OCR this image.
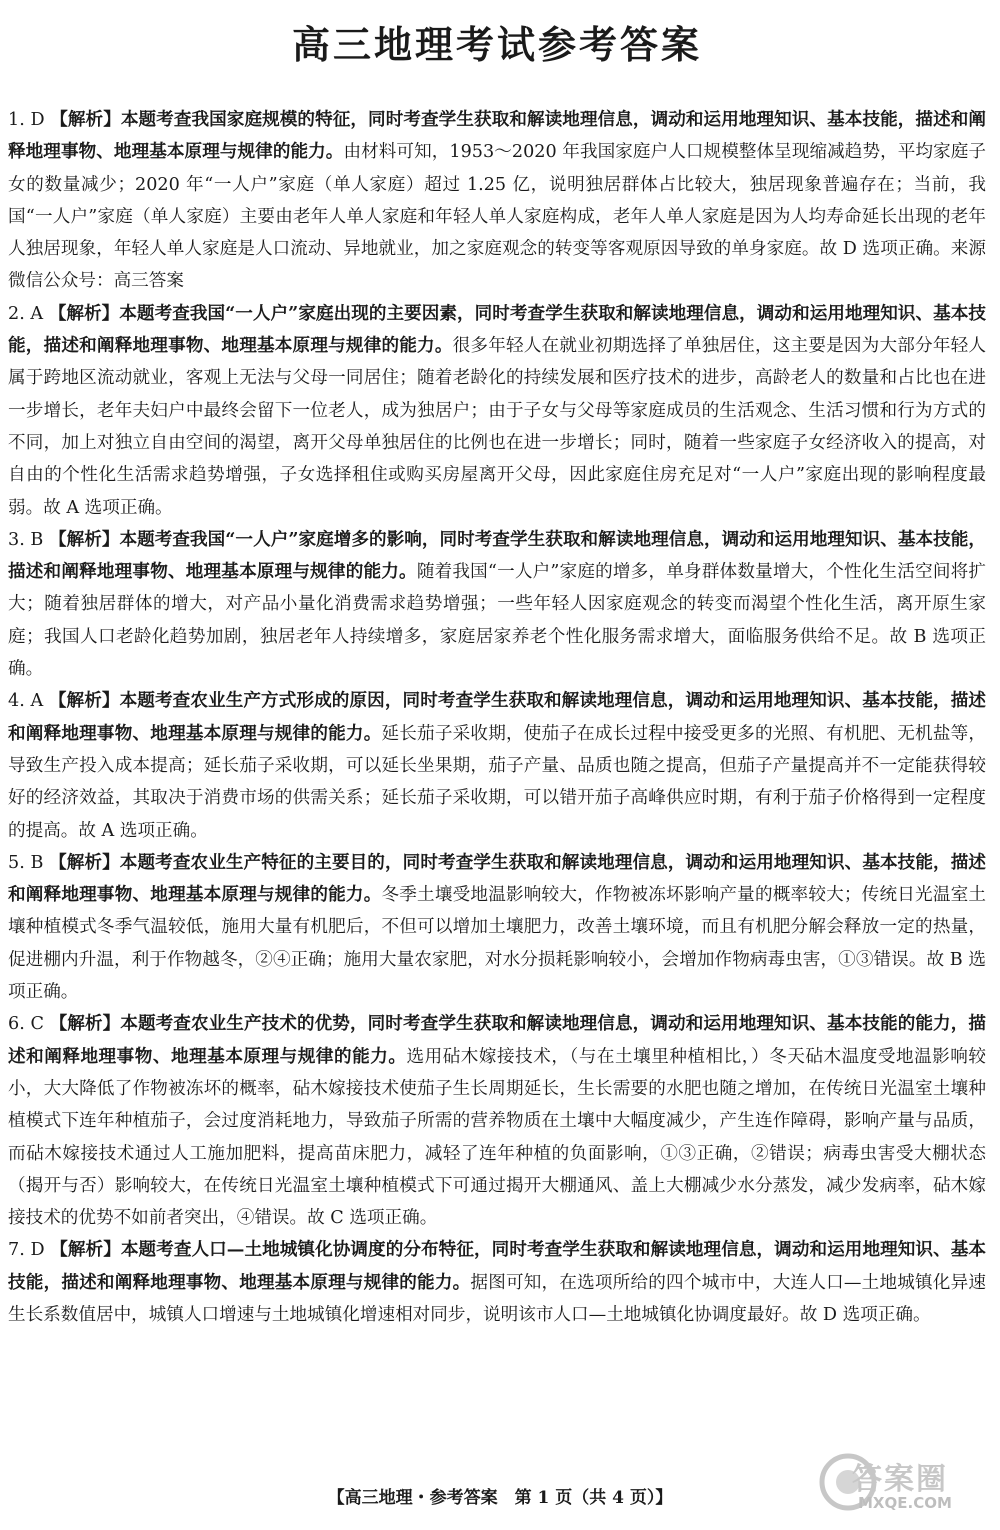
高三地理考试参考答案

1. D 【解析】本题考查我国家庭规模的特征，同时考查学生获取和解读地理信息，调动和运用地理知识、基本技能，描述和阐释地理事物、地理基本原理与规律的能力。由材料可知，1953～2020 年我国家庭户人口规模整体呈现缩减趋势，平均家庭子女的数量减少；2020 年“一人户”家庭（单人家庭）超过 1.25 亿，说明独居群体占比较大，独居现象普遍存在；当前，我国“一人户”家庭（单人家庭）主要由老年人单人家庭和年轻人单人家庭构成，老年人单人家庭是因为人均寿命延长出现的老年人独居现象，年轻人单人家庭是人口流动、异地就业，加之家庭观念的转变等客观原因导致的单身家庭。故 D 选项正确。来源微信公众号：高三答案

2. A 【解析】本题考查我国“一人户”家庭出现的主要因素，同时考查学生获取和解读地理信息，调动和运用地理知识、基本技能，描述和阐释地理事物、地理基本原理与规律的能力。很多年轻人在就业初期选择了单独居住，这主要是因为大部分年轻人属于跨地区流动就业，客观上无法与父母一同居住；随着老龄化的持续发展和医疗技术的进步，高龄老人的数量和占比也在进一步增长，老年夫妇户中最终会留下一位老人，成为独居户；由于子女与父母等家庭成员的生活观念、生活习惯和行为方式的不同，加上对独立自由空间的渴望，离开父母单独居住的比例也在进一步增长；同时，随着一些家庭子女经济收入的提高，对自由的个性化生活需求趋势增强，子女选择租住或购买房屋离开父母，因此家庭住房充足对“一人户”家庭出现的影响程度最弱。故 A 选项正确。

3. B 【解析】本题考查我国“一人户”家庭增多的影响，同时考查学生获取和解读地理信息，调动和运用地理知识、基本技能，描述和阐释地理事物、地理基本原理与规律的能力。随着我国“一人户”家庭的增多，单身群体数量增大，个性化生活空间将扩大；随着独居群体的增大，对产品小量化消费需求趋势增强；一些年轻人因家庭观念的转变而渴望个性化生活，离开原生家庭；我国人口老龄化趋势加剧，独居老年人持续增多，家庭居家养老个性化服务需求增大，面临服务供给不足。故 B 选项正确。

4. A 【解析】本题考查农业生产方式形成的原因，同时考查学生获取和解读地理信息，调动和运用地理知识、基本技能，描述和阐释地理事物、地理基本原理与规律的能力。延长茄子采收期，使茄子在成长过程中接受更多的光照、有机肥、无机盐等，导致生产投入成本提高；延长茄子采收期，可以延长坐果期，茄子产量、品质也随之提高，但茄子产量提高并不一定能获得较好的经济效益，其取决于消费市场的供需关系；延长茄子采收期，可以错开茄子高峰供应时期，有利于茄子价格得到一定程度的提高。故 A 选项正确。

5. B 【解析】本题考查农业生产特征的主要目的，同时考查学生获取和解读地理信息，调动和运用地理知识、基本技能，描述和阐释地理事物、地理基本原理与规律的能力。冬季土壤受地温影响较大，作物被冻坏影响产量的概率较大；传统日光温室土壤种植模式冬季气温较低，施用大量有机肥后，不但可以增加土壤肥力，改善土壤环境，而且有机肥分解会释放一定的热量，促进棚内升温，利于作物越冬，②④正确；施用大量农家肥，对水分损耗影响较小，会增加作物病毒虫害，①③错误。故 B 选项正确。

6. C 【解析】本题考查农业生产技术的优势，同时考查学生获取和解读地理信息，调动和运用地理知识、基本技能的能力，描述和阐释地理事物、地理基本原理与规律的能力。选用砧木嫁接技术，（与在土壤里种植相比，）冬天砧木温度受地温影响较小，大大降低了作物被冻坏的概率，砧木嫁接技术使茄子生长周期延长，生长需要的水肥也随之增加，在传统日光温室土壤种植模式下连年种植茄子，会过度消耗地力，导致茄子所需的营养物质在土壤中大幅度减少，产生连作障碍，影响产量与品质，而砧木嫁接技术通过人工施加肥料，提高苗床肥力，减轻了连年种植的负面影响，①③正确，②错误；病毒虫害受大棚状态（揭开与否）影响较大，在传统日光温室土壤种植模式下可通过揭开大棚通风、盖上大棚减少水分蒸发，减少发病率，砧木嫁接技术的优势不如前者突出，④错误。故 C 选项正确。

7. D 【解析】本题考查人口—土地城镇化协调度的分布特征，同时考查学生获取和解读地理信息，调动和运用地理知识、基本技能，描述和阐释地理事物、地理基本原理与规律的能力。据图可知，在选项所给的四个城市中，大连人口—土地城镇化异速生长系数值居中，城镇人口增速与土地城镇化增速相对同步，说明该市人口—土地城镇化协调度最好。故 D 选项正确。

【高三地理・参考答案　第 1 页（共 4 页）】
答案圈
MXQE.COM
